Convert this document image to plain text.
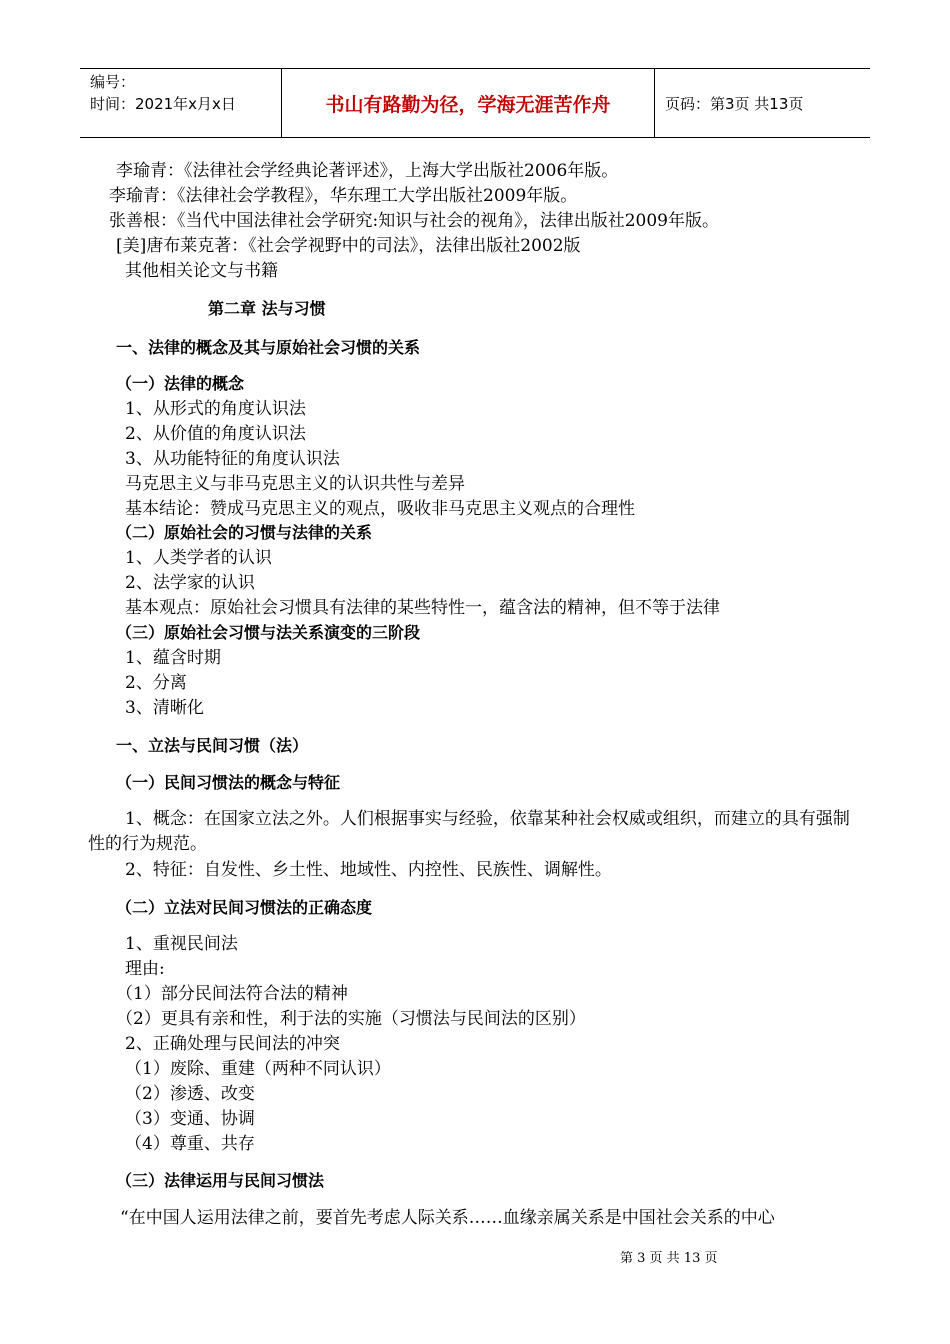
编号：
时间：2021年x月x日	书山有路勤为径，学海无涯苦作舟	页码：第3页 共13页
李瑜青：《法律社会学经典论著评述》，上海大学出版社2006年版。
李瑜青：《法律社会学教程》，华东理工大学出版社2009年版。
张善根：《当代中国法律社会学研究:知识与社会的视角》，法律出版社2009年版。
[美]唐布莱克著：《社会学视野中的司法》，法律出版社2002版
其他相关论文与书籍
第二章 法与习惯
一、法律的概念及其与原始社会习惯的关系
（一）法律的概念
1、从形式的角度认识法
2、从价值的角度认识法
3、从功能特征的角度认识法
马克思主义与非马克思主义的认识共性与差异
基本结论：赞成马克思主义的观点，吸收非马克思主义观点的合理性
（二）原始社会的习惯与法律的关系
1、人类学者的认识
2、法学家的认识
基本观点：原始社会习惯具有法律的某些特性一，蕴含法的精神，但不等于法律
（三）原始社会习惯与法关系演变的三阶段
1、蕴含时期
2、分离
3、清晰化
一、立法与民间习惯（法）
（一）民间习惯法的概念与特征
1、概念：在国家立法之外。人们根据事实与经验，依靠某种社会权威或组织，而建立的具有强制性的行为规范。
2、特征：自发性、乡土性、地域性、内控性、民族性、调解性。
（二）立法对民间习惯法的正确态度
1、重视民间法
理由:
（1）部分民间法符合法的精神
（2）更具有亲和性，利于法的实施（习惯法与民间法的区别）
2、正确处理与民间法的冲突
（1）废除、重建（两种不同认识）
（2）渗透、改变
（3）变通、协调
（4）尊重、共存
（三）法律运用与民间习惯法
“在中国人运用法律之前，要首先考虑人际关系……血缘亲属关系是中国社会关系的中心
第 3 页 共 13 页
